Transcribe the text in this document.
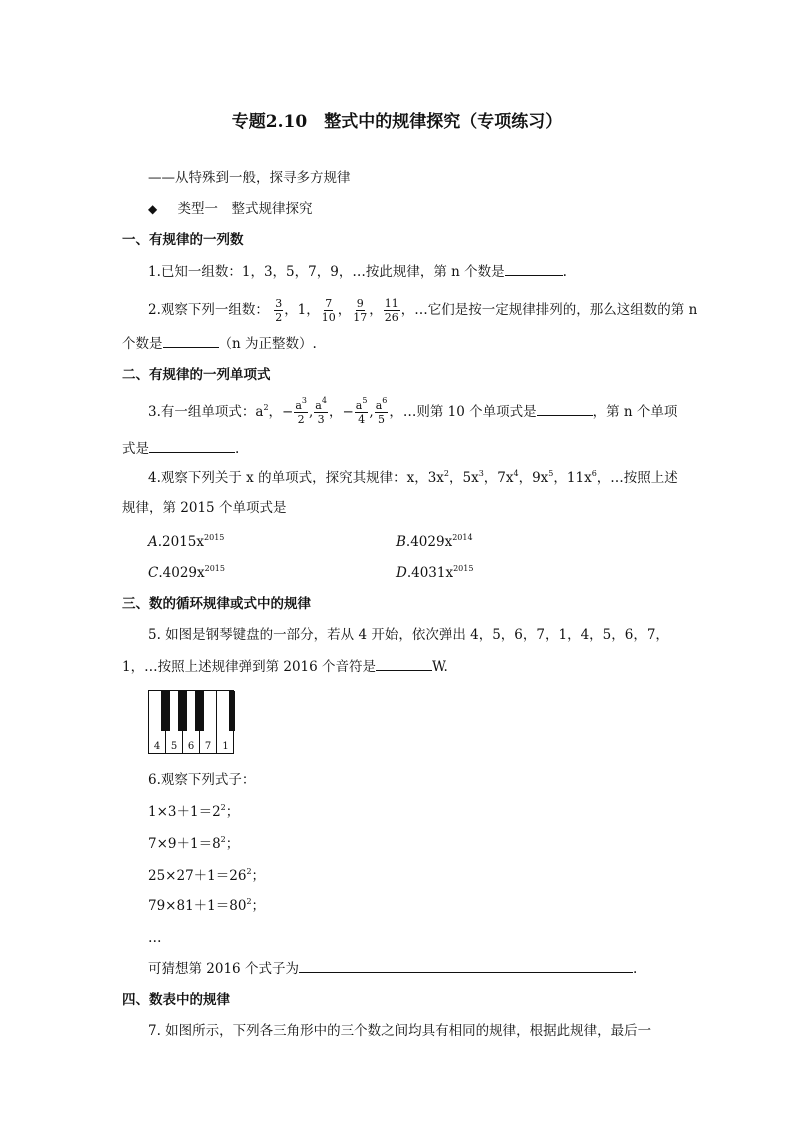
专题2.10　整式中的规律探究（专项练习）
——从特殊到一般，探寻多方规律
◆ 类型一　整式规律探究
一、有规律的一列数
1.已知一组数：1，3，5，7，9，…按此规律，第 n 个数是	.
2.观察下列一组数： $\frac{3}{2}$ ，1， $\frac{7}{10}$ ， $\frac{9}{17}$ ， $\frac{11}{26}$ ，…它们是按一定规律排列的，那么这组数的第 n
个数是	（n 为正整数）.
二、有规律的一列单项式
3.有一组单项式：$a^2$，− $\frac{a^3}{2}$ , $\frac{a^4}{3}$ ，− $\frac{a^5}{4}$ , $\frac{a^6}{5}$ ，…则第 10 个单项式是	，第 n 个单项
式是	.
4.观察下列关于 x 的单项式，探究其规律：x，$3x^2$，$5x^3$，$7x^4$，$9x^5$，$11x^6$，…按照上述
规律，第 2015 个单项式是
$A.2015x^{2015}$	$B.4029x^{2014}$
$C.4029x^{2015}$	$D.4031x^{2015}$
三、数的循环规律或式中的规律
5. 如图是钢琴键盘的一部分，若从 4 开始，依次弹出 4，5，6，7，1，4，5，6，7，
1，…按照上述规律弹到第 2016 个音符是	W.
4	5	6	7	1
6.观察下列式子：
$1\times 3+1=2^2$；
$7\times 9+1=8^2$；
$25\times 27+1=26^2$；
$79\times 81+1=80^2$；
…
可猜想第 2016 个式子为	.
四、数表中的规律
7. 如图所示，下列各三角形中的三个数之间均具有相同的规律，根据此规律，最后一
